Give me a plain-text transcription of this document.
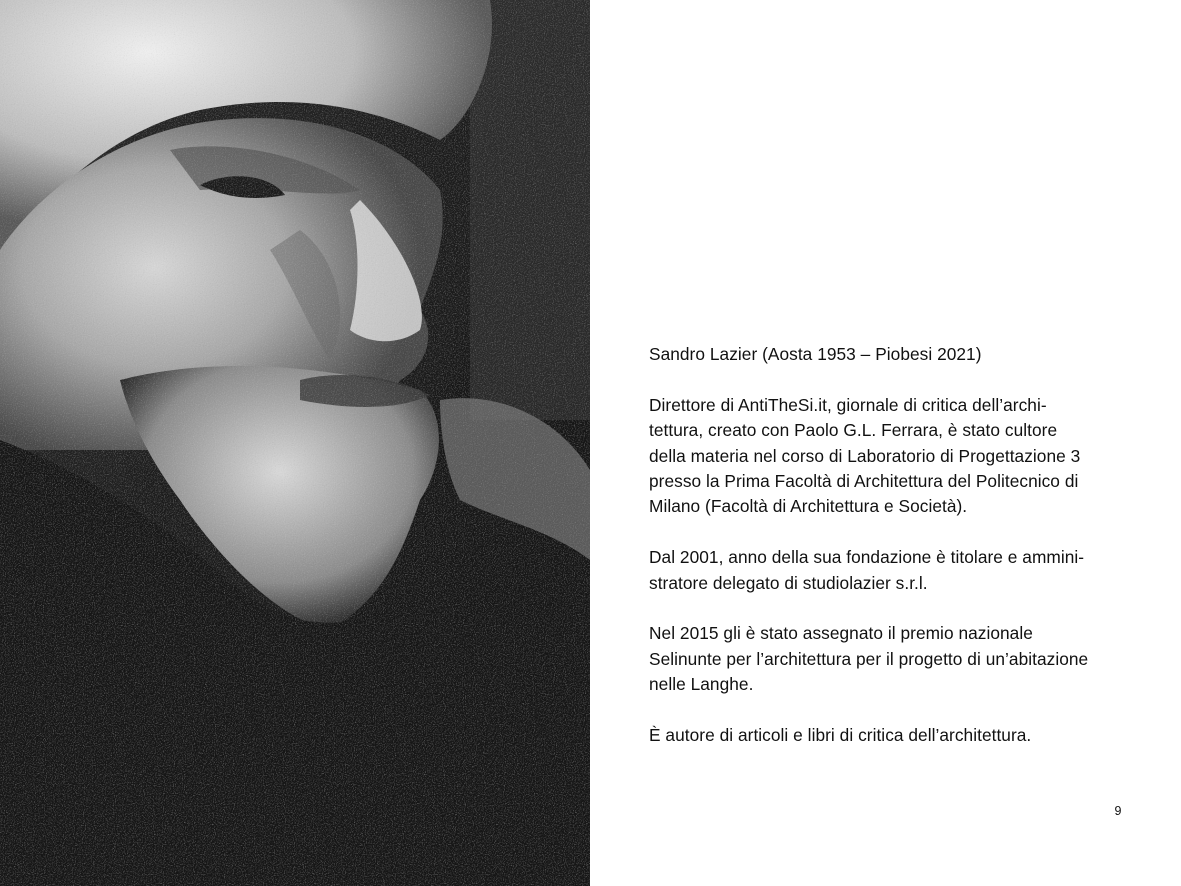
Sandro Lazier (Aosta 1953 – Piobesi 2021)

Direttore di AntiTheSi.it, giornale di critica dell’archi-
tettura, creato con Paolo G.L. Ferrara, è stato cultore
della materia nel corso di Laboratorio di Progettazione 3
presso la Prima Facoltà di Architettura del Politecnico di
Milano (Facoltà di Architettura e Società).

Dal 2001, anno della sua fondazione è titolare e ammini-
stratore delegato di studiolazier s.r.l.

Nel 2015 gli è stato assegnato il premio nazionale
Selinunte per l’architettura per il progetto di un’abitazione
nelle Langhe.

È autore di articoli e libri di critica dell’architettura.

9
